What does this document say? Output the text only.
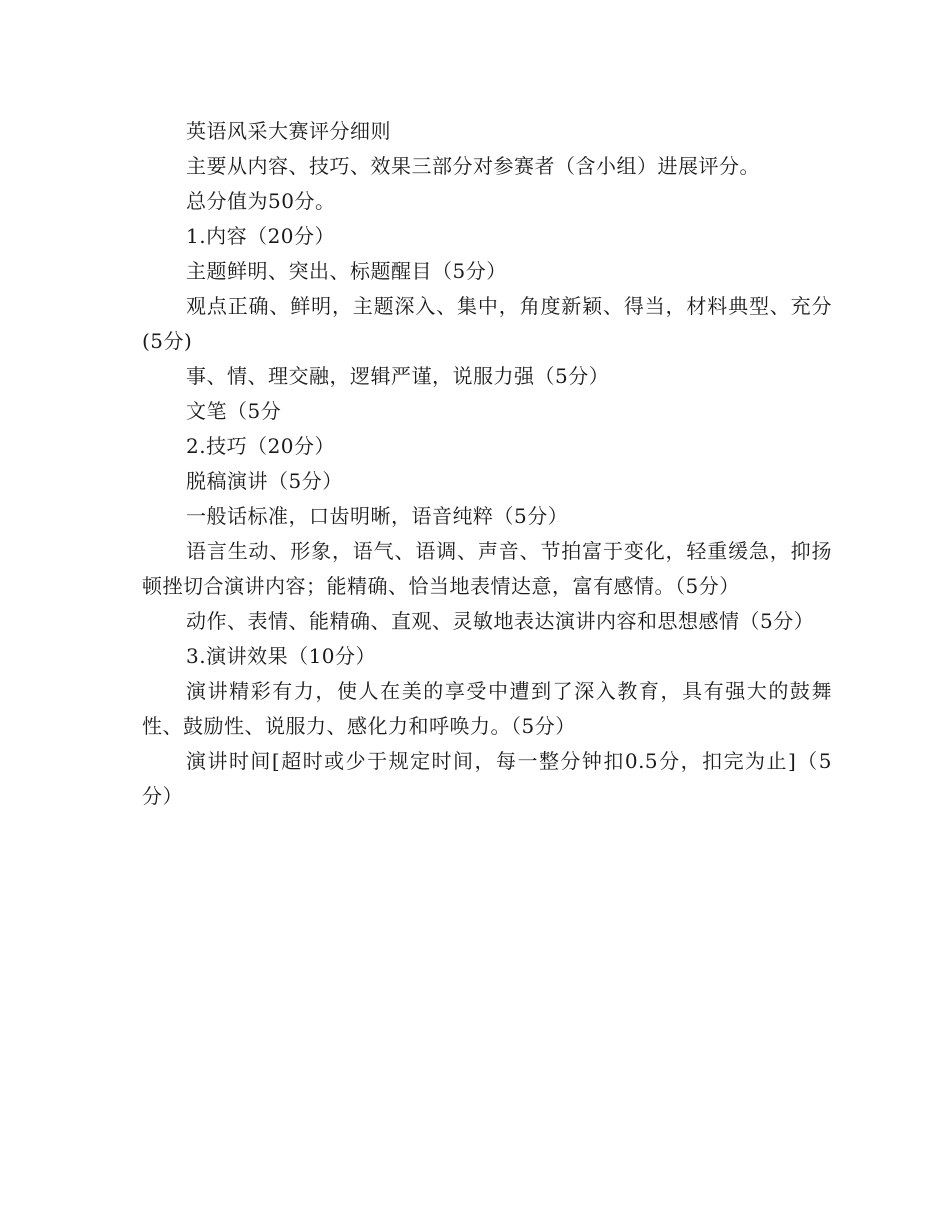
英语风采大赛评分细则

主要从内容、技巧、效果三部分对参赛者（含小组）进展评分。

总分值为50分。

1.内容（20分）

主题鲜明、突出、标题醒目（5分）

观点正确、鲜明，主题深入、集中，角度新颖、得当，材料典型、充分(5分)

事、情、理交融，逻辑严谨，说服力强（5分）

文笔（5分

2.技巧（20分）

脱稿演讲（5分）

一般话标准，口齿明晰，语音纯粹（5分）

语言生动、形象，语气、语调、声音、节拍富于变化，轻重缓急，抑扬顿挫切合演讲内容；能精确、恰当地表情达意，富有感情。（5分）

动作、表情、能精确、直观、灵敏地表达演讲内容和思想感情（5分）

3.演讲效果（10分）

演讲精彩有力，使人在美的享受中遭到了深入教育，具有强大的鼓舞性、鼓励性、说服力、感化力和呼唤力。（5分）

演讲时间[超时或少于规定时间，每一整分钟扣0.5分，扣完为止]（5分）
